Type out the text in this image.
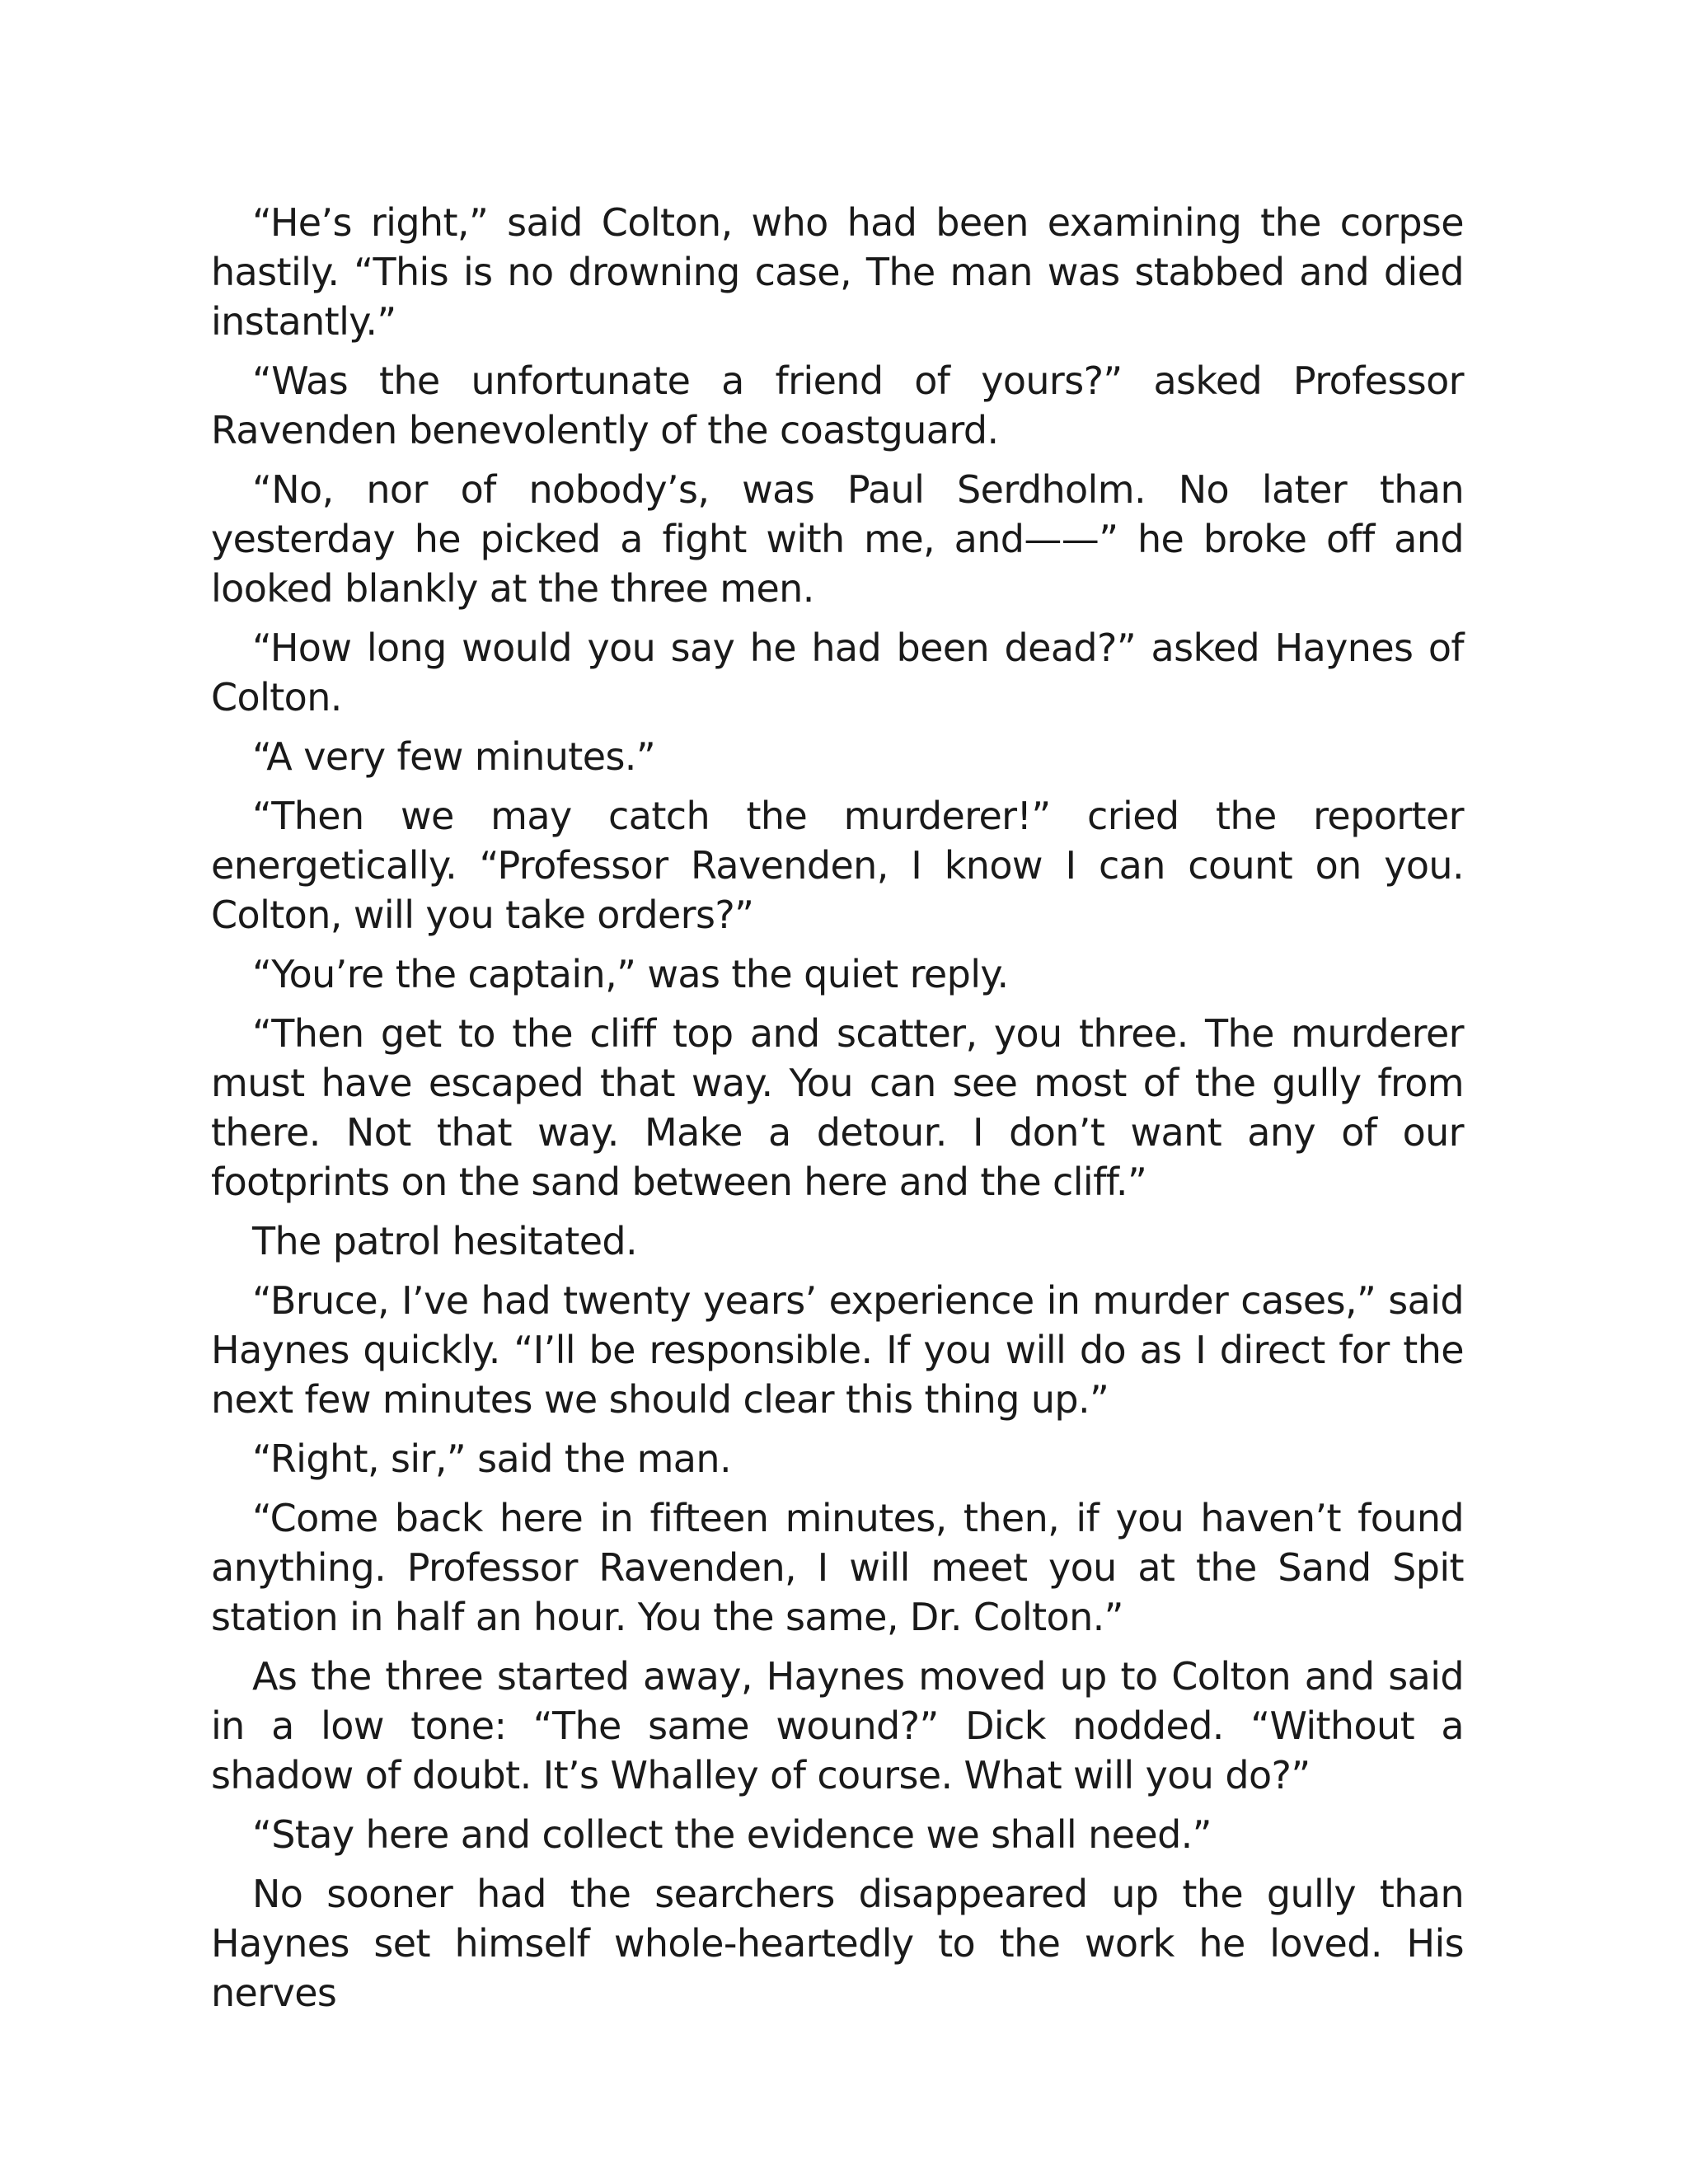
“He’s right,” said Colton, who had been examining the corpse hastily. “This is no drowning case, The man was stabbed and died instantly.”

“Was the unfortunate a friend of yours?” asked Professor Ravenden benevolently of the coastguard.

“No, nor of nobody’s, was Paul Serdholm. No later than yesterday he picked a fight with me, and——” he broke off and looked blankly at the three men.

“How long would you say he had been dead?” asked Haynes of Colton.

“A very few minutes.”

“Then we may catch the murderer!” cried the reporter energetically. “Professor Ravenden, I know I can count on you. Colton, will you take orders?”

“You’re the captain,” was the quiet reply.

“Then get to the cliff top and scatter, you three. The murderer must have escaped that way. You can see most of the gully from there. Not that way. Make a detour. I don’t want any of our footprints on the sand between here and the cliff.”

The patrol hesitated.

“Bruce, I’ve had twenty years’ experience in murder cases,” said Haynes quickly. “I’ll be responsible. If you will do as I direct for the next few minutes we should clear this thing up.”

“Right, sir,” said the man.

“Come back here in fifteen minutes, then, if you haven’t found anything. Professor Ravenden, I will meet you at the Sand Spit station in half an hour. You the same, Dr. Colton.”

As the three started away, Haynes moved up to Colton and said in a low tone: “The same wound?” Dick nodded. “Without a shadow of doubt. It’s Whalley of course. What will you do?”

“Stay here and collect the evidence we shall need.”

No sooner had the searchers disappeared up the gully than Haynes set himself whole-heartedly to the work he loved. His nerves
